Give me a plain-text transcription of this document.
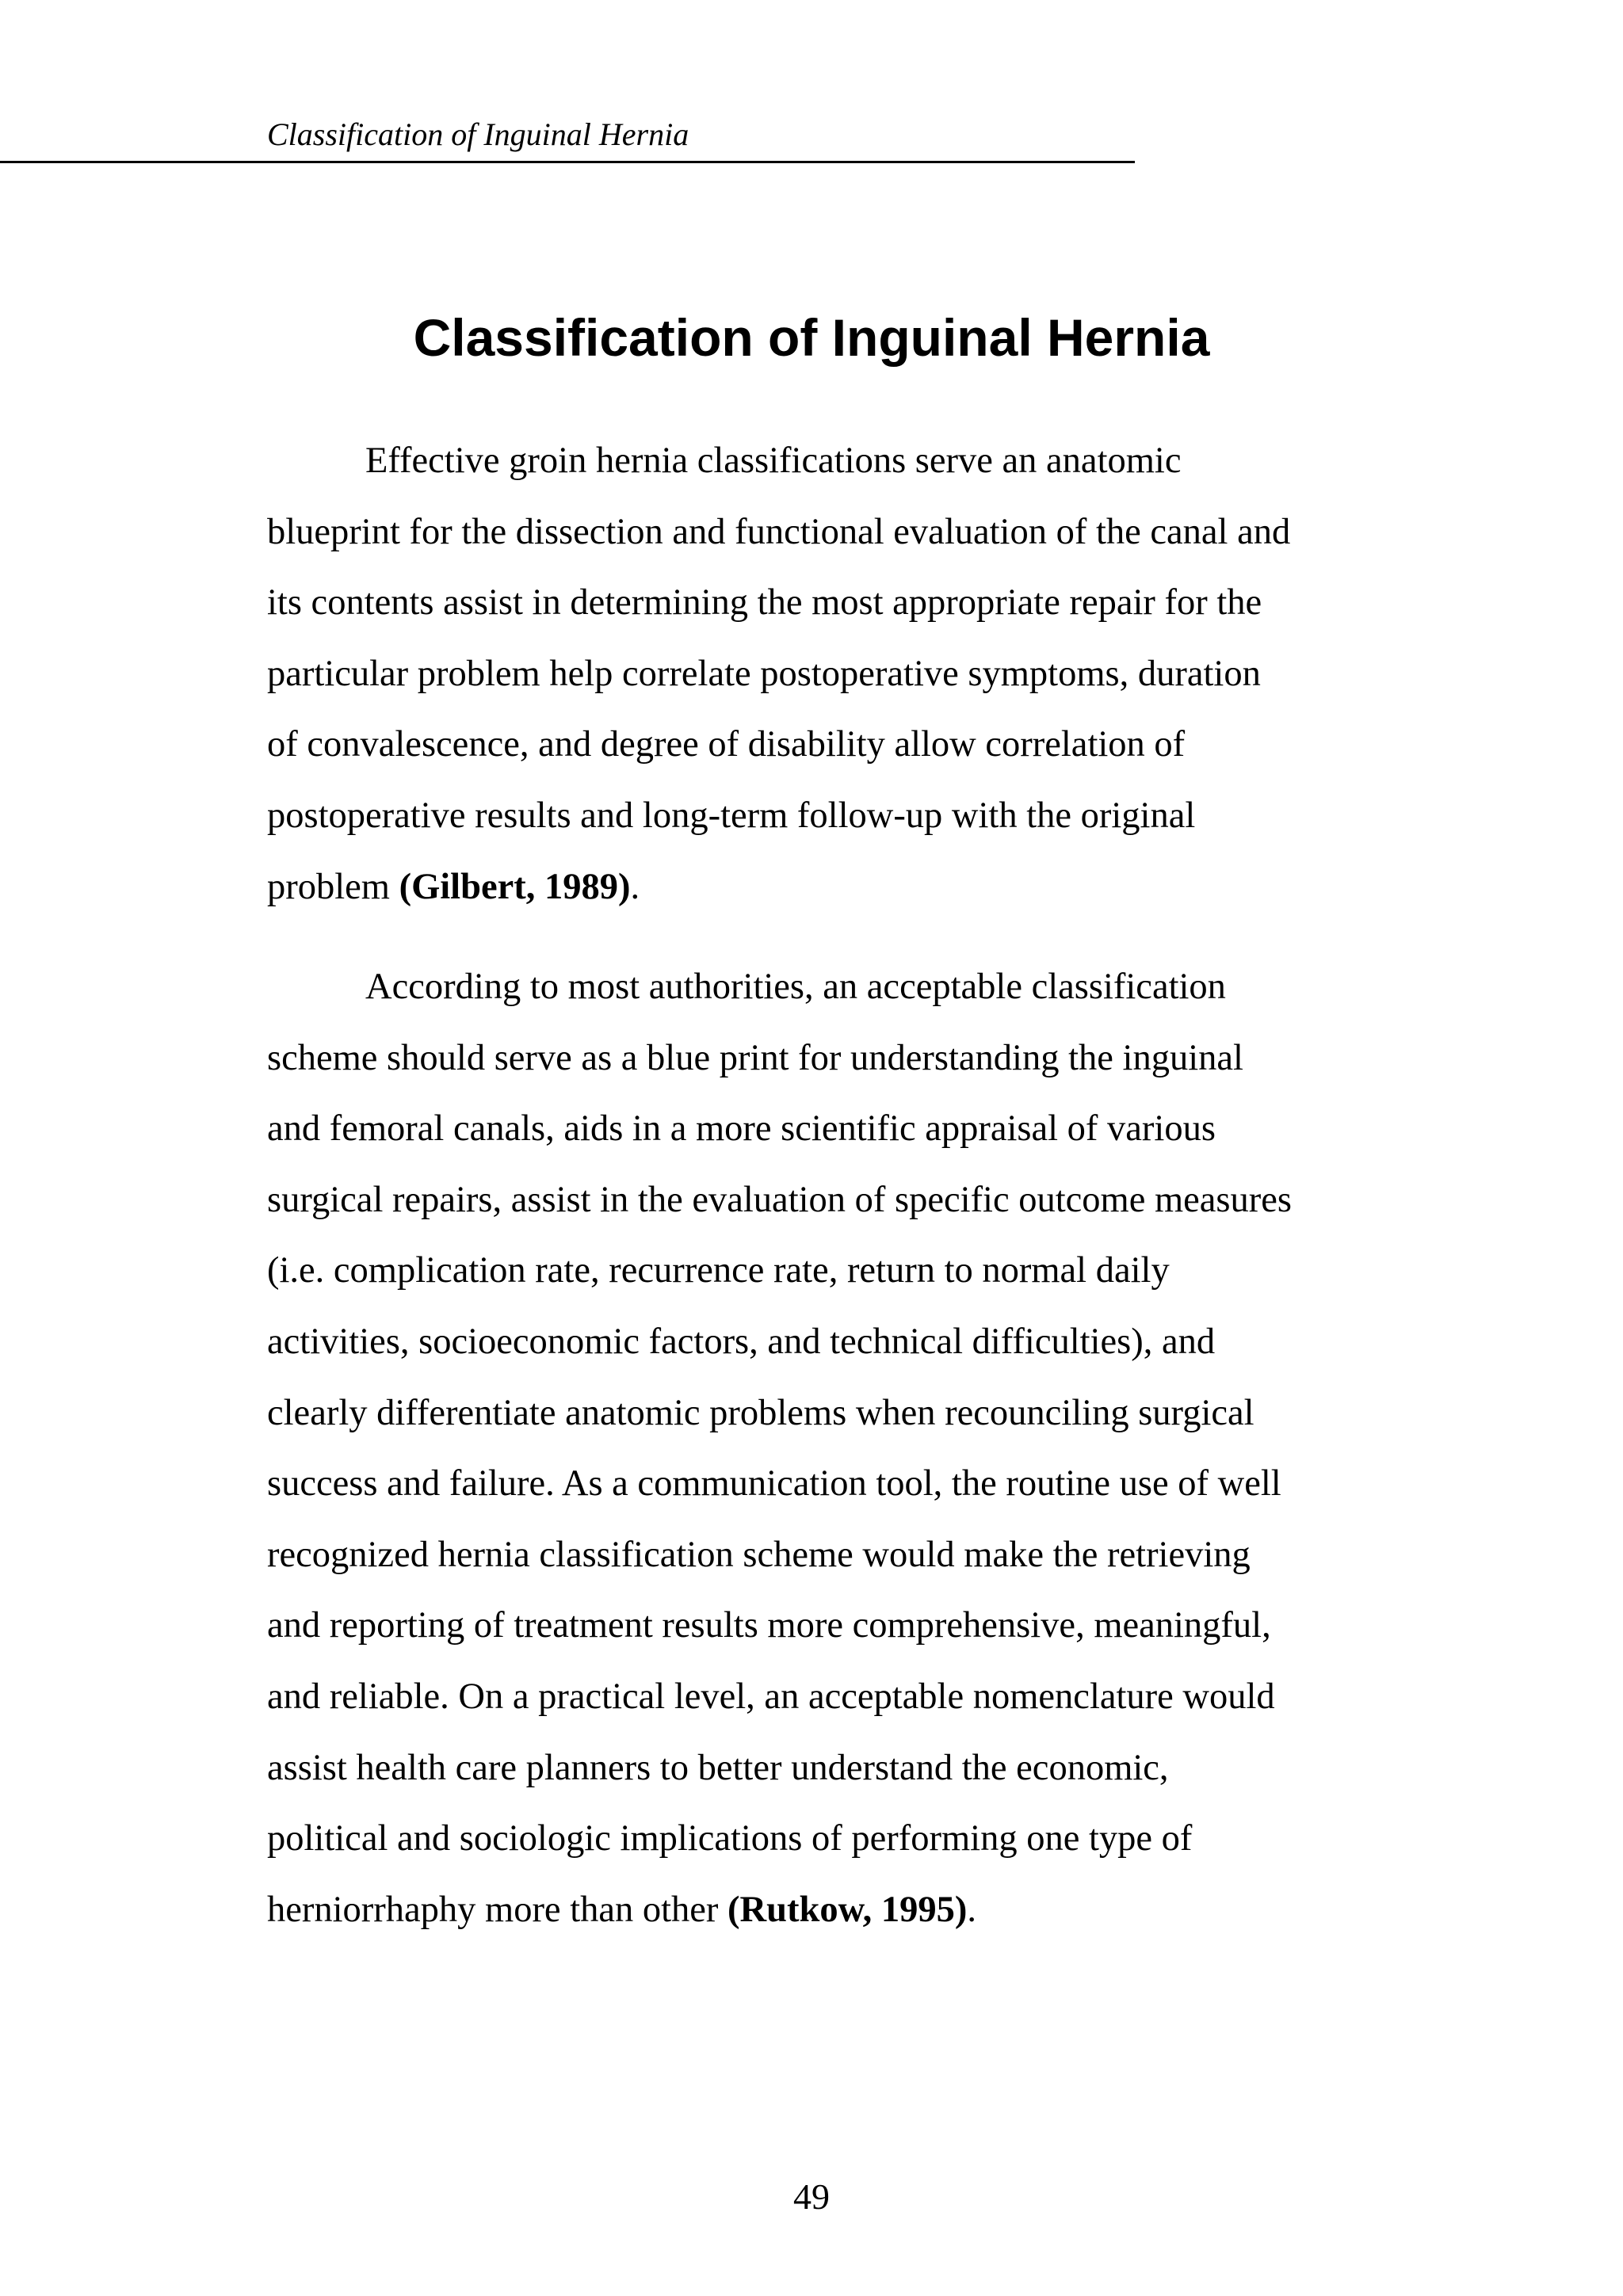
Classification of Inguinal Hernia
Classification of Inguinal Hernia
Effective groin hernia classifications serve an anatomic
blueprint for the dissection and functional evaluation of the canal and
its contents assist in determining the most appropriate repair for the
particular problem help correlate postoperative symptoms, duration
of convalescence, and degree of disability allow correlation of
postoperative results and long-term follow-up with the original
problem (Gilbert, 1989).
According to most authorities, an acceptable classification
scheme should serve as a blue print for understanding the inguinal
and femoral canals, aids in a more scientific appraisal of various
surgical repairs, assist in the evaluation of specific outcome measures
(i.e. complication rate, recurrence rate, return to normal daily
activities, socioeconomic factors, and technical difficulties), and
clearly differentiate anatomic problems when recounciling surgical
success and failure. As a communication tool, the routine use of well
recognized hernia classification scheme would make the retrieving
and reporting of treatment results more comprehensive, meaningful,
and reliable. On a practical level, an acceptable nomenclature would
assist health care planners to better understand the economic,
political and sociologic implications of performing one type of
herniorrhaphy more than other (Rutkow, 1995).
49
